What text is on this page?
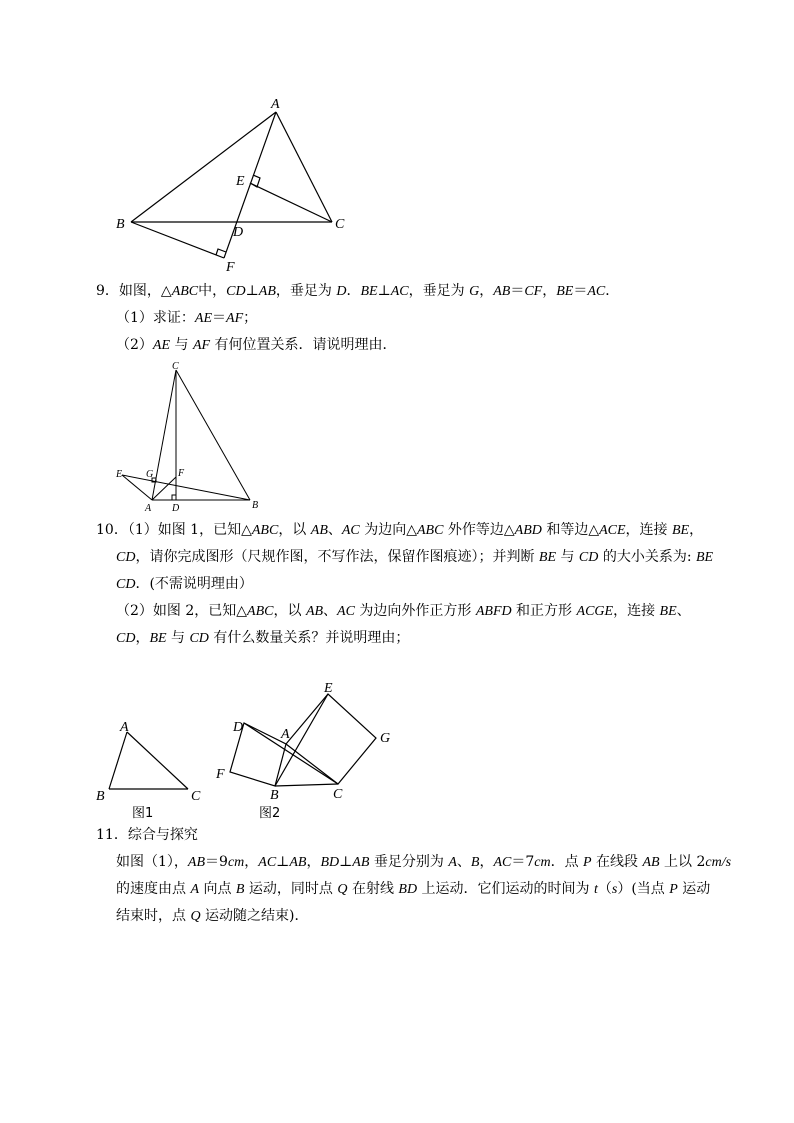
A
B	C
D
E
F
9．如图，△ABC中，CD⊥AB，垂足为 D．BE⊥AC，垂足为 G，AB＝CF，BE＝AC．
（1）求证：AE＝AF；
（2）AE 与 AF 有何位置关系．请说明理由．
C
E G F
A D	B
10．（1）如图 1，已知△ABC，以 AB、AC 为边向△ABC 外作等边△ABD 和等边△ACE，连接 BE，
CD，请你完成图形（尺规作图，不写作法，保留作图痕迹）；并判断 BE 与 CD 的大小关系为: BE
CD．(不需说明理由）
（2）如图 2，已知△ABC，以 AB、AC 为边向外作正方形 ABFD 和正方形 ACGE，连接 BE、
CD，BE 与 CD 有什么数量关系？并说明理由；
A
B	C
图1
E
D	A	G
F
B	C
图2
11．综合与探究
如图（1），AB＝9cm，AC⊥AB，BD⊥AB 垂足分别为 A、B，AC＝7cm．点 P 在线段 AB 上以 2cm/s
的速度由点 A 向点 B 运动，同时点 Q 在射线 BD 上运动．它们运动的时间为 t（s）(当点 P 运动
结束时，点 Q 运动随之结束)．
